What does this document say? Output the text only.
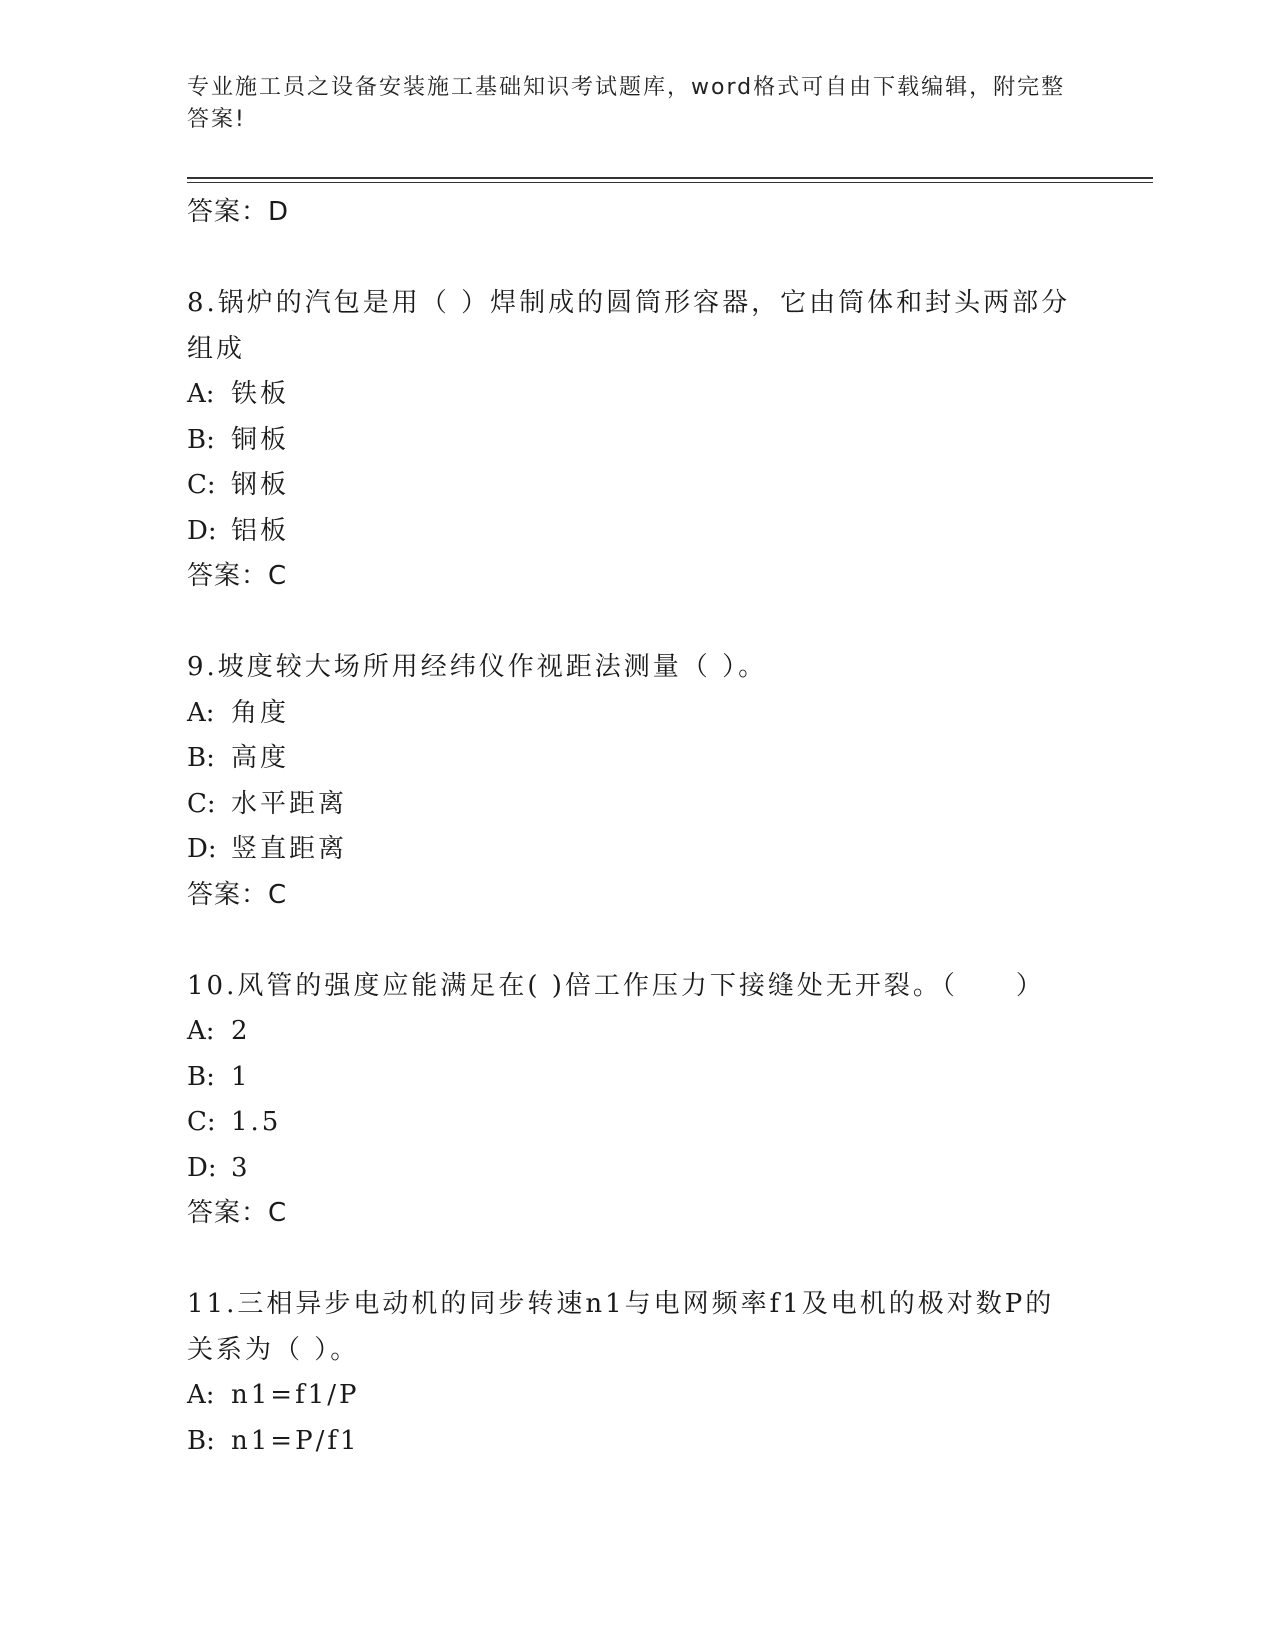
专业施工员之设备安装施工基础知识考试题库，word格式可自由下载编辑，附完整答案!
答案：D
8.锅炉的汽包是用（ ）焊制成的圆筒形容器，它由筒体和封头两部分
组成
A: 铁板
B: 铜板
C: 钢板
D: 铝板
答案：C
9.坡度较大场所用经纬仪作视距法测量（ ）。
A: 角度
B: 高度
C: 水平距离
D: 竖直距离
答案：C
10.风管的强度应能满足在( )倍工作压力下接缝处无开裂。（　　）
A: 2
B: 1
C: 1.5
D: 3
答案：C
11.三相异步电动机的同步转速n1与电网频率f1及电机的极对数P的
关系为（ ）。
A: n1=f1/P
B: n1=P/f1
